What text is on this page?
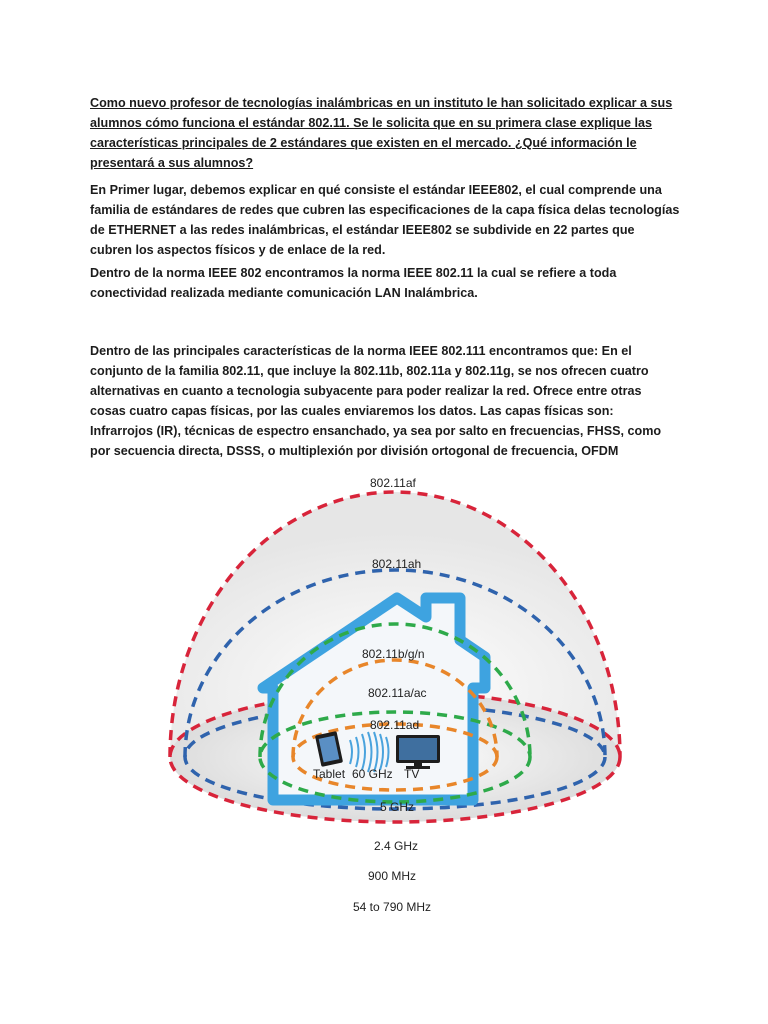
Como nuevo profesor de tecnologías inalámbricas en un instituto le han solicitado explicar a sus alumnos cómo funciona el estándar 802.11. Se le solicita que en su primera clase explique las características principales de 2 estándares que existen en el mercado. ¿Qué información le presentará a sus alumnos?

En Primer lugar, debemos explicar en qué consiste el estándar IEEE802, el cual comprende una familia de estándares de redes que cubren las especificaciones de la capa física delas tecnologías de ETHERNET a las redes inalámbricas, el estándar IEEE802 se subdivide en 22 partes que cubren los aspectos físicos y de enlace de la red.

Dentro de la norma IEEE 802 encontramos la norma IEEE 802.11 la cual se refiere a toda conectividad realizada mediante comunicación LAN Inalámbrica.

Dentro de las principales características de la norma IEEE 802.111 encontramos que: En el conjunto de la familia 802.11, que incluye la 802.11b, 802.11a y 802.11g, se nos ofrecen cuatro alternativas en cuanto a tecnologia subyacente para poder realizar la red. Ofrece entre otras cosas cuatro capas físicas, por las cuales enviaremos los datos. Las capas físicas son: Infrarrojos (IR), técnicas de espectro ensanchado, ya sea por salto en frecuencias, FHSS, como por secuencia directa, DSSS, o multiplexión por división ortogonal de frecuencia, OFDM

802.11af
802.11ah
802.11b/g/n
802.11a/ac
802.11ad
Tablet 60 GHz TV
5 GHz
2.4 GHz
900 MHz
54 to 790 MHz
